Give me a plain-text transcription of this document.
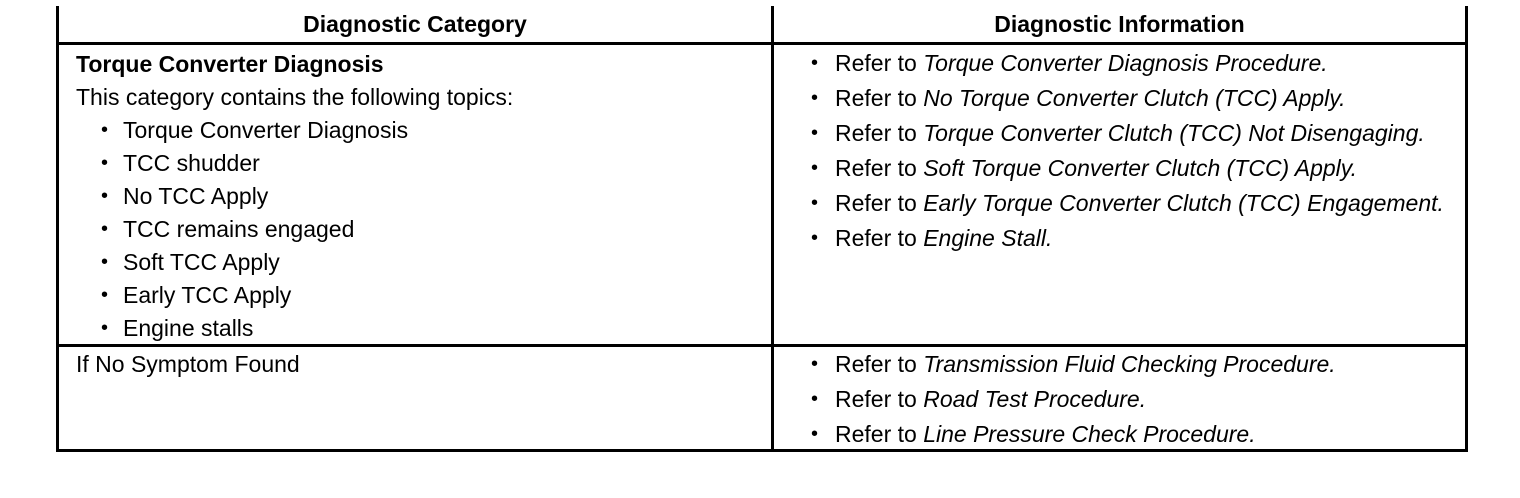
Diagnostic Category	Diagnostic Information

Torque Converter Diagnosis

This category contains the following topics:

• Torque Converter Diagnosis
• TCC shudder
• No TCC Apply
• TCC remains engaged
• Soft TCC Apply
• Early TCC Apply
• Engine stalls
• Refer to Torque Converter Diagnosis Procedure.
• Refer to No Torque Converter Clutch (TCC) Apply.
• Refer to Torque Converter Clutch (TCC) Not Disengaging.
• Refer to Soft Torque Converter Clutch (TCC) Apply.
• Refer to Early Torque Converter Clutch (TCC) Engagement.
• Refer to Engine Stall.

If No Symptom Found

•	Refer to Transmission Fluid Checking Procedure.
• Refer to Road Test Procedure.
• Refer to Line Pressure Check Procedure.
